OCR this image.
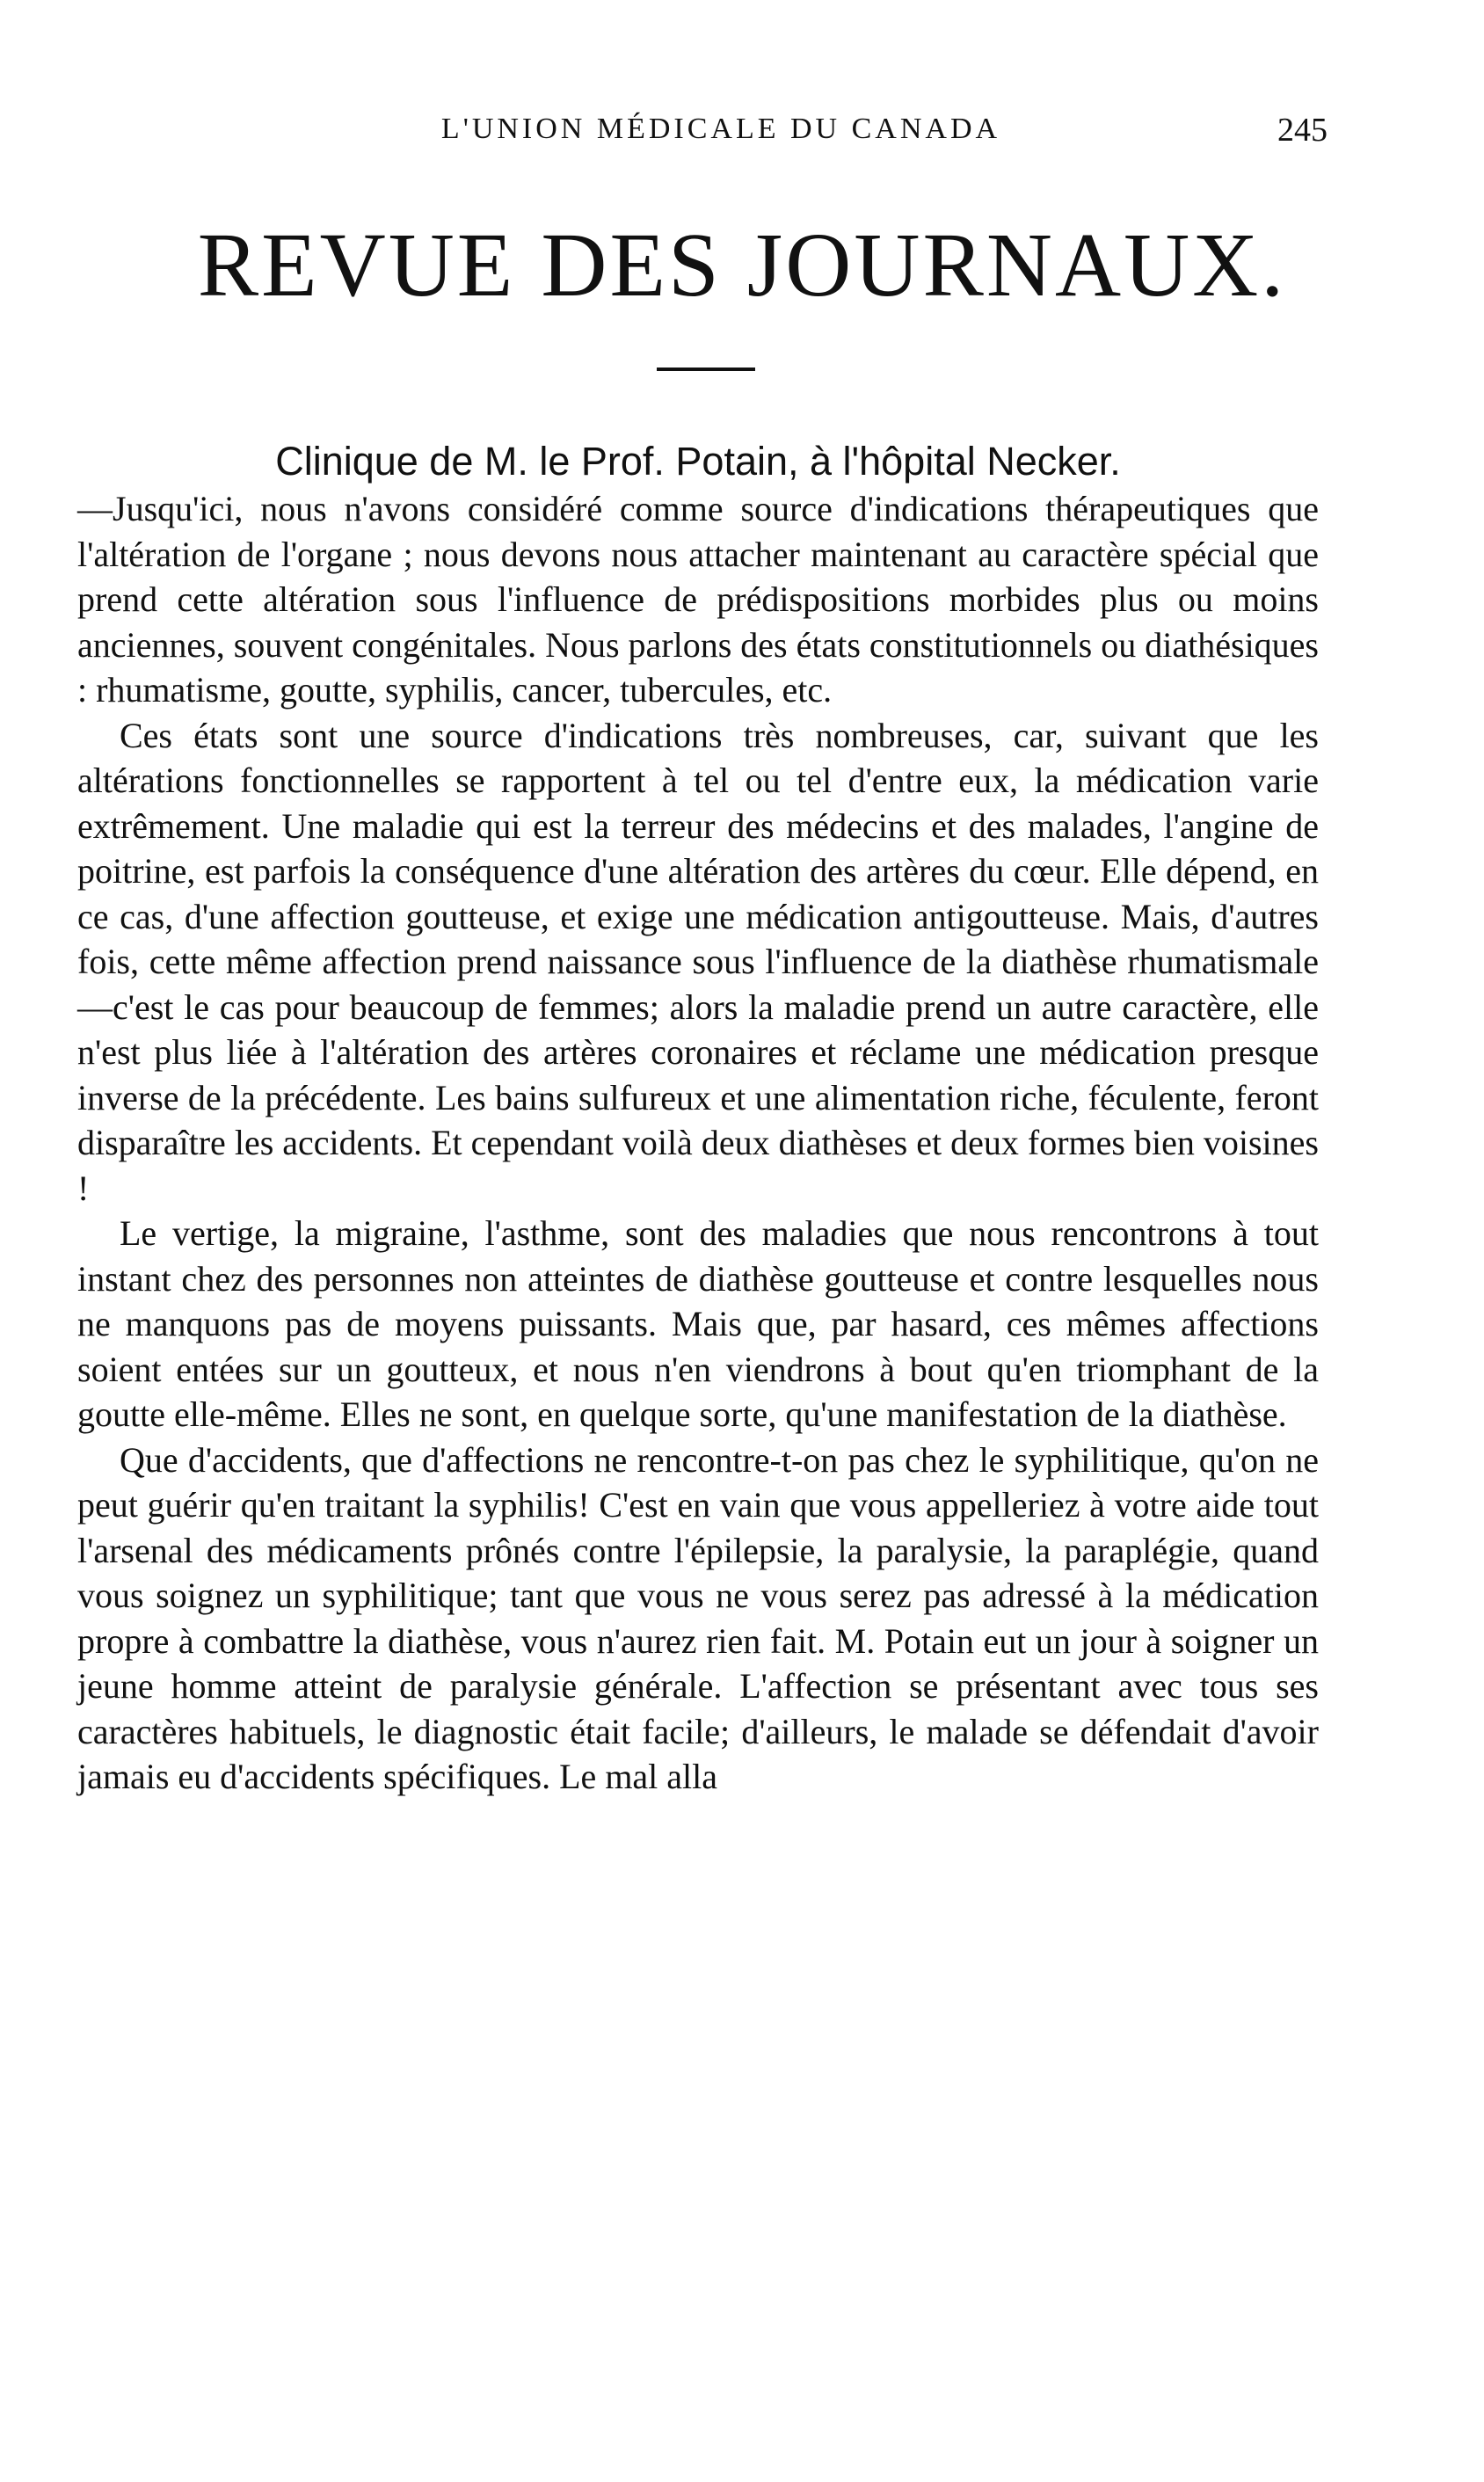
L'UNION MÉDICALE DU CANADA	245
REVUE DES JOURNAUX.
Clinique de M. le Prof. Potain, à l'hôpital Necker.

—Jusqu'ici, nous n'avons considéré comme source d'indications thérapeutiques que l'altération de l'organe ; nous devons nous attacher maintenant au caractère spécial que prend cette altération sous l'influence de prédispositions morbides plus ou moins anciennes, souvent congénitales. Nous parlons des états constitutionnels ou diathésiques : rhumatisme, goutte, syphilis, cancer, tubercules, etc.

Ces états sont une source d'indications très nombreuses, car, suivant que les altérations fonctionnelles se rapportent à tel ou tel d'entre eux, la médication varie extrêmement. Une maladie qui est la terreur des médecins et des malades, l'angine de poitrine, est parfois la conséquence d'une altération des artères du cœur. Elle dépend, en ce cas, d'une affection goutteuse, et exige une médication antigoutteuse. Mais, d'autres fois, cette même affection prend naissance sous l'influence de la diathèse rhumatismale—c'est le cas pour beaucoup de femmes; alors la maladie prend un autre caractère, elle n'est plus liée à l'altération des artères coronaires et réclame une médication presque inverse de la précédente. Les bains sulfureux et une alimentation riche, féculente, feront disparaître les accidents. Et cependant voilà deux diathèses et deux formes bien voisines !

Le vertige, la migraine, l'asthme, sont des maladies que nous rencontrons à tout instant chez des personnes non atteintes de diathèse goutteuse et contre lesquelles nous ne manquons pas de moyens puissants. Mais que, par hasard, ces mêmes affections soient entées sur un goutteux, et nous n'en viendrons à bout qu'en triomphant de la goutte elle-même. Elles ne sont, en quelque sorte, qu'une manifestation de la diathèse.

Que d'accidents, que d'affections ne rencontre-t-on pas chez le syphilitique, qu'on ne peut guérir qu'en traitant la syphilis! C'est en vain que vous appelleriez à votre aide tout l'arsenal des médicaments prônés contre l'épilepsie, la paralysie, la paraplégie, quand vous soignez un syphilitique; tant que vous ne vous serez pas adressé à la médication propre à combattre la diathèse, vous n'aurez rien fait. M. Potain eut un jour à soigner un jeune homme atteint de paralysie générale. L'affection se présentant avec tous ses caractères habituels, le diagnostic était facile; d'ailleurs, le malade se défendait d'avoir jamais eu d'accidents spécifiques. Le mal alla
